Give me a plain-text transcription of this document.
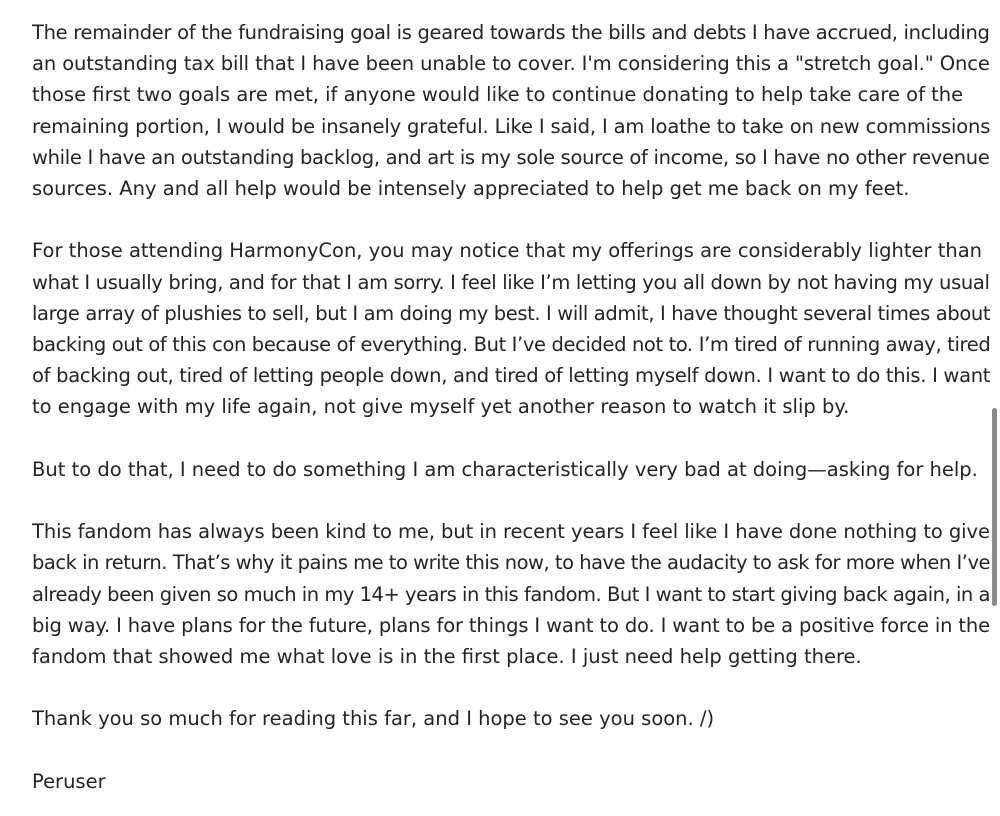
The remainder of the fundraising goal is geared towards the bills and debts I have accrued, including
an outstanding tax bill that I have been unable to cover. I'm considering this a "stretch goal." Once
those first two goals are met, if anyone would like to continue donating to help take care of the
remaining portion, I would be insanely grateful. Like I said, I am loathe to take on new commissions
while I have an outstanding backlog, and art is my sole source of income, so I have no other revenue
sources. Any and all help would be intensely appreciated to help get me back on my feet.

For those attending HarmonyCon, you may notice that my offerings are considerably lighter than
what I usually bring, and for that I am sorry. I feel like I’m letting you all down by not having my usual
large array of plushies to sell, but I am doing my best. I will admit, I have thought several times about
backing out of this con because of everything. But I’ve decided not to. I’m tired of running away, tired
of backing out, tired of letting people down, and tired of letting myself down. I want to do this. I want
to engage with my life again, not give myself yet another reason to watch it slip by.

But to do that, I need to do something I am characteristically very bad at doing—asking for help.

This fandom has always been kind to me, but in recent years I feel like I have done nothing to give
back in return. That’s why it pains me to write this now, to have the audacity to ask for more when I’ve
already been given so much in my 14+ years in this fandom. But I want to start giving back again, in a
big way. I have plans for the future, plans for things I want to do. I want to be a positive force in the
fandom that showed me what love is in the first place. I just need help getting there.

Thank you so much for reading this far, and I hope to see you soon. /)

Peruser
